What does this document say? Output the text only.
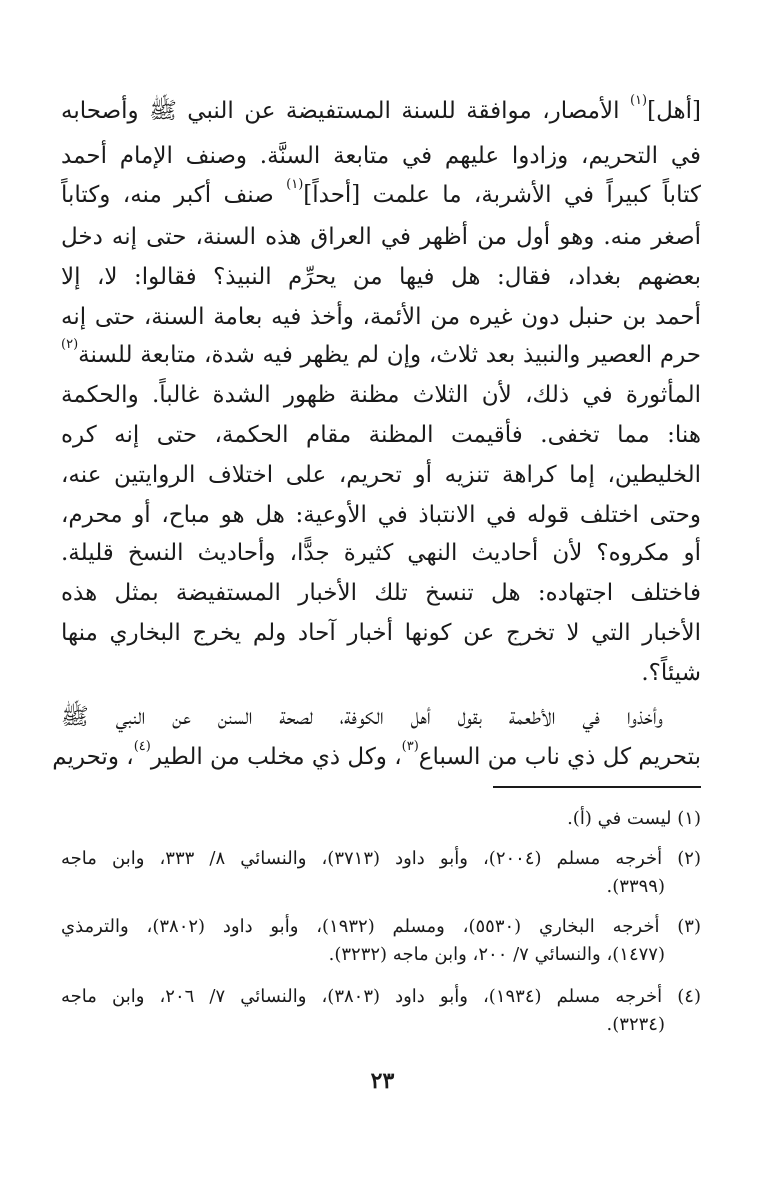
[أهل]$^{(١)}$ الأمصار، موافقة للسنة المستفيضة عن النبي ﷺ وأصحابه
في التحريم، وزادوا عليهم في متابعة السنَّة. وصنف الإمام أحمد
كتاباً كبيراً في الأشربة، ما علمت [أحداً]$^{(١)}$ صنف أكبر منه، وكتاباً
أصغر منه. وهو أول من أظهر في العراق هذه السنة، حتى إنه دخل
بعضهم بغداد، فقال: هل فيها من يحرِّم النبيذ؟ فقالوا: لا، إلا
أحمد بن حنبل دون غيره من الأئمة، وأخذ فيه بعامة السنة، حتى إنه
حرم العصير والنبيذ بعد ثلاث، وإن لم يظهر فيه شدة، متابعة للسنة$^{(٢)}$
المأثورة في ذلك، لأن الثلاث مظنة ظهور الشدة غالباً. والحكمة
هنا: مما تخفى. فأقيمت المظنة مقام الحكمة، حتى إنه كره
الخليطين، إما كراهة تنزيه أو تحريم، على اختلاف الروايتين عنه،
وحتى اختلف قوله في الانتباذ في الأوعية: هل هو مباح، أو محرم،
أو مكروه؟ لأن أحاديث النهي كثيرة جدًّا، وأحاديث النسخ قليلة.
فاختلف اجتهاده: هل تنسخ تلك الأخبار المستفيضة بمثل هذه
الأخبار التي لا تخرج عن كونها أخبار آحاد ولم يخرج البخاري منها
شيئاً؟.
وأخذوا في الأطعمة بقول أهل الكوفة، لصحة السنن عن النبي ﷺ
بتحريم كل ذي ناب من السباع$^{(٣)}$، وكل ذي مخلب من الطير$^{(٤)}$، وتحريم
(١) ليست في (أ).
(٢) أخرجه مسلم (٢٠٠٤)، وأبو داود (٣٧١٣)، والنسائي ٨/ ٣٣٣، وابن ماجه
(٣٣٩٩).
(٣) أخرجه البخاري (٥٥٣٠)، ومسلم (١٩٣٢)، وأبو داود (٣٨٠٢)، والترمذي
(١٤٧٧)، والنسائي ٧/ ٢٠٠، وابن ماجه (٣٢٣٢).
(٤) أخرجه مسلم (١٩٣٤)، وأبو داود (٣٨٠٣)، والنسائي ٧/ ٢٠٦، وابن ماجه
(٣٢٣٤).
٢٣
